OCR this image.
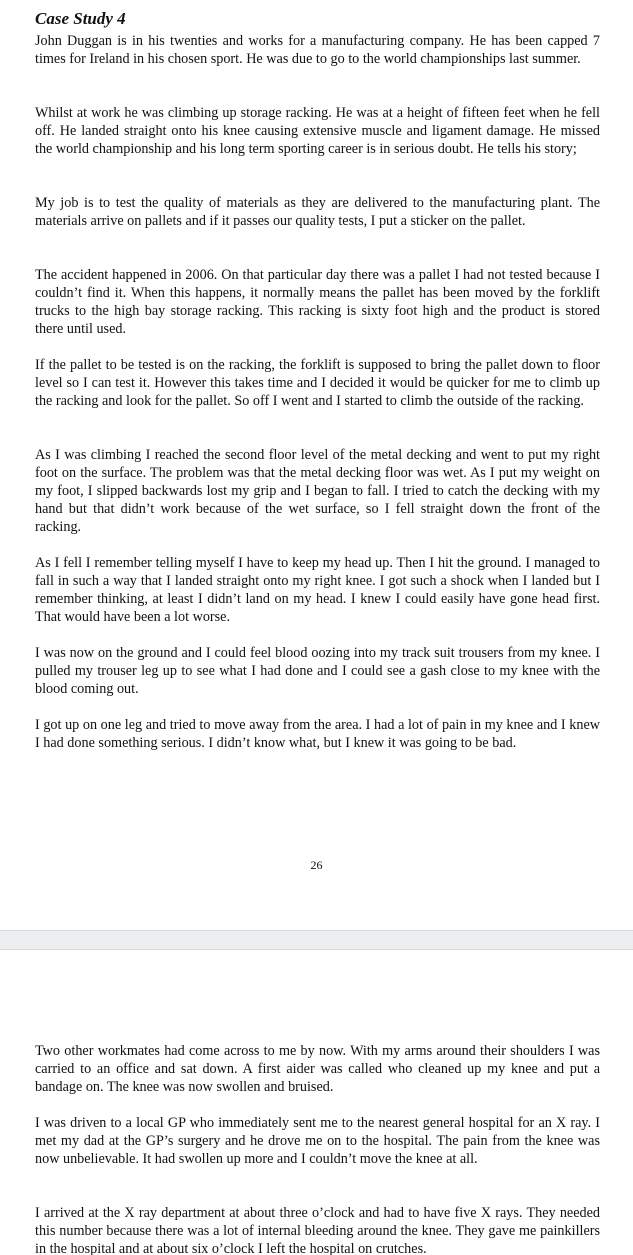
Case Study 4

John Duggan is in his twenties and works for a manufacturing company. He has been capped 7 times for Ireland in his chosen sport. He was due to go to the world championships last summer.

Whilst at work he was climbing up storage racking. He was at a height of fifteen feet when he fell off. He landed straight onto his knee causing extensive muscle and ligament damage. He missed the world championship and his long term sporting career is in serious doubt. He tells his story;

My job is to test the quality of materials as they are delivered to the manufacturing plant. The materials arrive on pallets and if it passes our quality tests, I put a sticker on the pallet.

The accident happened in 2006. On that particular day there was a pallet I had not tested because I couldn’t find it. When this happens, it normally means the pallet has been moved by the forklift trucks to the high bay storage racking. This racking is sixty foot high and the product is stored there until used.

If the pallet to be tested is on the racking, the forklift is supposed to bring the pallet down to floor level so I can test it. However this takes time and I decided it would be quicker for me to climb up the racking and look for the pallet. So off I went and I started to climb the outside of the racking.

As I was climbing I reached the second floor level of the metal decking and went to put my right foot on the surface. The problem was that the metal decking floor was wet. As I put my weight on my foot, I slipped backwards lost my grip and I began to fall. I tried to catch the decking with my hand but that didn’t work because of the wet surface, so I fell straight down the front of the racking.

As I fell I remember telling myself I have to keep my head up. Then I hit the ground. I managed to fall in such a way that I landed straight onto my right knee. I got such a shock when I landed but I remember thinking, at least I didn’t land on my head. I knew I could easily have gone head first. That would have been a lot worse.

I was now on the ground and I could feel blood oozing into my track suit trousers from my knee. I pulled my trouser leg up to see what I had done and I could see a gash close to my knee with the blood coming out.

I got up on one leg and tried to move away from the area. I had a lot of pain in my knee and I knew I had done something serious. I didn’t know what, but I knew it was going to be bad.

26

Two other workmates had come across to me by now. With my arms around their shoulders I was carried to an office and sat down. A first aider was called who cleaned up my knee and put a bandage on. The knee was now swollen and bruised.

I was driven to a local GP who immediately sent me to the nearest general hospital for an X ray. I met my dad at the GP’s surgery and he drove me on to the hospital. The pain from the knee was now unbelievable. It had swollen up more and I couldn’t move the knee at all.

I arrived at the X ray department at about three o’clock and had to have five X rays. They needed this number because there was a lot of internal bleeding around the knee. They gave me painkillers in the hospital and at about six o’clock I left the hospital on crutches.
